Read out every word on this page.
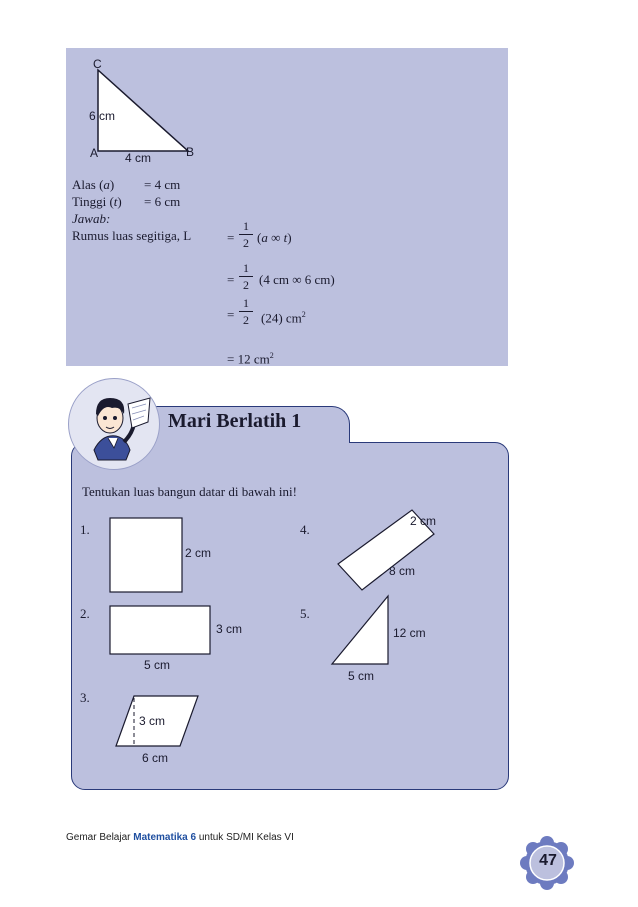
C
6 cm
A 4 cm	B
Alas (a) = 4 cm
Tinggi (t) = 6 cm
Jawab:
Rumus luas segitiga, L	=
1
2 (a ∞ t)
=
1
2 (4 cm ∞ 6 cm)
=
1
2 (24) $cm^2$
= 12 $cm^2$
Mari Berlatih 1
Tentukan luas bangun datar di bawah ini!
1.
2 cm
2.
3 cm
5 cm
3.
3 cm
6 cm
4.
2 cm
8 cm
5.
12 cm
5 cm
Gemar Belajar Matematika 6 untuk SD/MI Kelas VI
47
